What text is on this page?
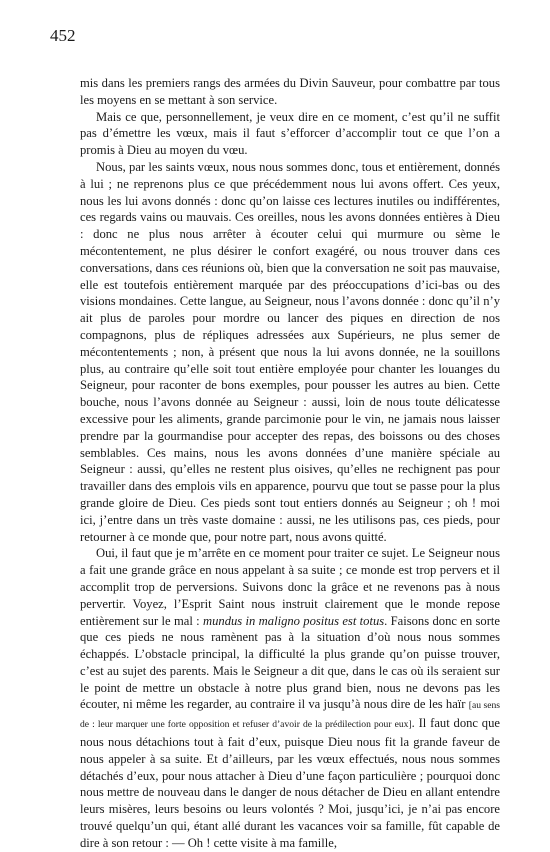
452

mis dans les premiers rangs des armées du Divin Sauveur, pour combattre par tous les moyens en se mettant à son service.

Mais ce que, personnellement, je veux dire en ce moment, c’est qu’il ne suffit pas d’émettre les vœux, mais il faut s’efforcer d’accomplir tout ce que l’on a promis à Dieu au moyen du vœu.

Nous, par les saints vœux, nous nous sommes donc, tous et entièrement, donnés à lui ; ne reprenons plus ce que précédemment nous lui avons offert. Ces yeux, nous les lui avons donnés : donc qu’on laisse ces lectures inutiles ou indifférentes, ces regards vains ou mauvais. Ces oreilles, nous les avons données entières à Dieu : donc ne plus nous arrêter à écouter celui qui murmure ou sème le mécontentement, ne plus désirer le confort exagéré, ou nous trouver dans ces conversations, dans ces réunions où, bien que la conversation ne soit pas mauvaise, elle est toutefois entièrement marquée par des préoccupations d’ici-bas ou des visions mondaines. Cette langue, au Seigneur, nous l’avons donnée : donc qu’il n’y ait plus de paroles pour mordre ou lancer des piques en direction de nos compagnons, plus de répliques adressées aux Supérieurs, ne plus semer de mécontentements ; non, à présent que nous la lui avons donnée, ne la souillons plus, au contraire qu’elle soit tout entière employée pour chanter les louanges du Seigneur, pour raconter de bons exemples, pour pousser les autres au bien. Cette bouche, nous l’avons donnée au Seigneur : aussi, loin de nous toute délicatesse excessive pour les aliments, grande parcimonie pour le vin, ne jamais nous laisser prendre par la gourmandise pour accepter des repas, des boissons ou des choses semblables. Ces mains, nous les avons données d’une manière spéciale au Seigneur : aussi, qu’elles ne restent plus oisives, qu’elles ne rechignent pas pour travailler dans des emplois vils en apparence, pourvu que tout se passe pour la plus grande gloire de Dieu. Ces pieds sont tout entiers donnés au Seigneur ; oh ! moi ici, j’entre dans un très vaste domaine : aussi, ne les utilisons pas, ces pieds, pour retourner à ce monde que, pour notre part, nous avons quitté.

Oui, il faut que je m’arrête en ce moment pour traiter ce sujet. Le Seigneur nous a fait une grande grâce en nous appelant à sa suite ; ce monde est trop pervers et il accomplit trop de perversions. Suivons donc la grâce et ne revenons pas à nous pervertir. Voyez, l’Esprit Saint nous instruit clairement que le monde repose entièrement sur le mal : mundus in maligno positus est totus. Faisons donc en sorte que ces pieds ne nous ramènent pas à la situation d’où nous nous sommes échappés. L’obstacle principal, la difficulté la plus grande qu’on puisse trouver, c’est au sujet des parents. Mais le Seigneur a dit que, dans le cas où ils seraient sur le point de mettre un obstacle à notre plus grand bien, nous ne devons pas les écouter, ni même les regarder, au contraire il va jusqu’à nous dire de les haïr [au sens de : leur marquer une forte opposition et refuser d’avoir de la prédilection pour eux]. Il faut donc que nous nous détachions tout à fait d’eux, puisque Dieu nous fit la grande faveur de nous appeler à sa suite. Et d’ailleurs, par les vœux effectués, nous nous sommes détachés d’eux, pour nous attacher à Dieu d’une façon particulière ; pourquoi donc nous mettre de nouveau dans le danger de nous détacher de Dieu en allant entendre leurs misères, leurs besoins ou leurs volontés ? Moi, jusqu’ici, je n’ai pas encore trouvé quelqu’un qui, étant allé durant les vacances voir sa famille, fût capable de dire à son retour : — Oh ! cette visite à ma famille,
